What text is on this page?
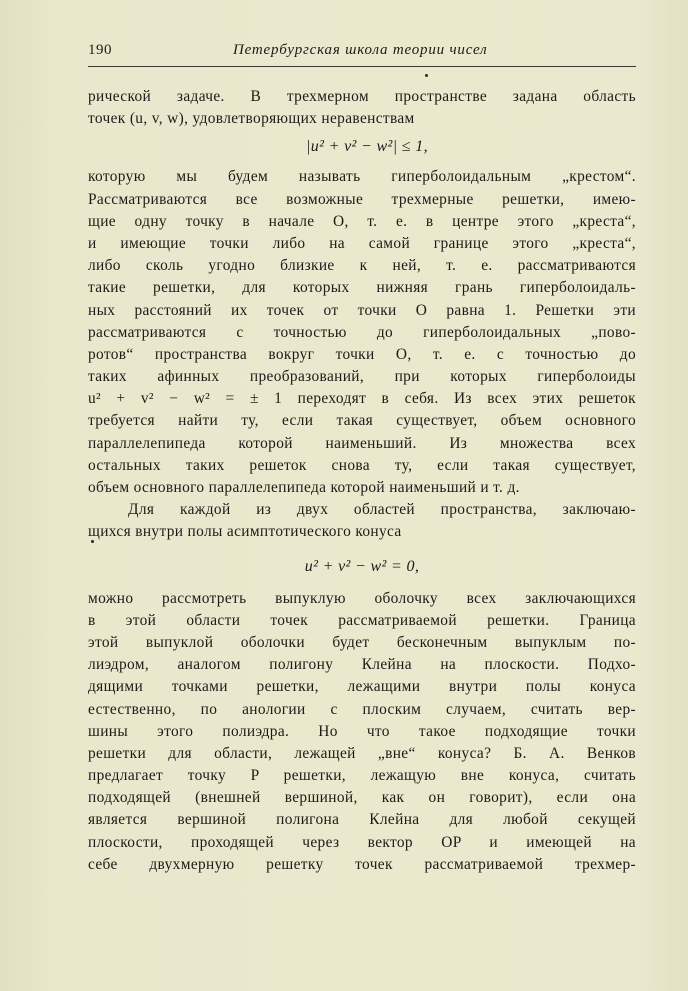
190	Петербургская школа теории чисел
рической задаче. В трехмерном пространстве задана область
точек (u, v, w), удовлетворяющих неравенствам
|u² + v² − w²| ≤ 1,
которую мы будем называть гиперболоидальным „крестом“.
Рассматриваются все возможные трехмерные решетки, имею-
щие одну точку в начале O, т. е. в центре этого „креста“,
и имеющие точки либо на самой границе этого „креста“,
либо сколь угодно близкие к ней, т. е. рассматриваются
такие решетки, для которых нижняя грань гиперболоидаль-
ных расстояний их точек от точки O равна 1. Решетки эти
рассматриваются с точностью до гиперболоидальных „пово-
ротов“ пространства вокруг точки O, т. е. с точностью до
таких афинных преобразований, при которых гиперболоиды
u² + v² − w² = ± 1 переходят в себя. Из всех этих решеток
требуется найти ту, если такая существует, объем основного
параллелепипеда которой наименьший. Из множества всех
остальных таких решеток снова ту, если такая существует,
объем основного параллелепипеда которой наименьший и т. д.
Для каждой из двух областей пространства, заключаю-
щихся внутри полы асимптотического конуса
u² + v² − w² = 0,
можно рассмотреть выпуклую оболочку всех заключающихся
в этой области точек рассматриваемой решетки. Граница
этой выпуклой оболочки будет бесконечным выпуклым по-
лиэдром, аналогом полигону Клейна на плоскости. Подхо-
дящими точками решетки, лежащими внутри полы конуса
естественно, по анологии с плоским случаем, считать вер-
шины этого полиэдра. Но что такое подходящие точки
решетки для области, лежащей „вне“ конуса? Б. А. Венков
предлагает точку P решетки, лежащую вне конуса, считать
подходящей (внешней вершиной, как он говорит), если она
является вершиной полигона Клейна для любой секущей
плоскости, проходящей через вектор OP и имеющей на
себе двухмерную решетку точек рассматриваемой трехмер-
